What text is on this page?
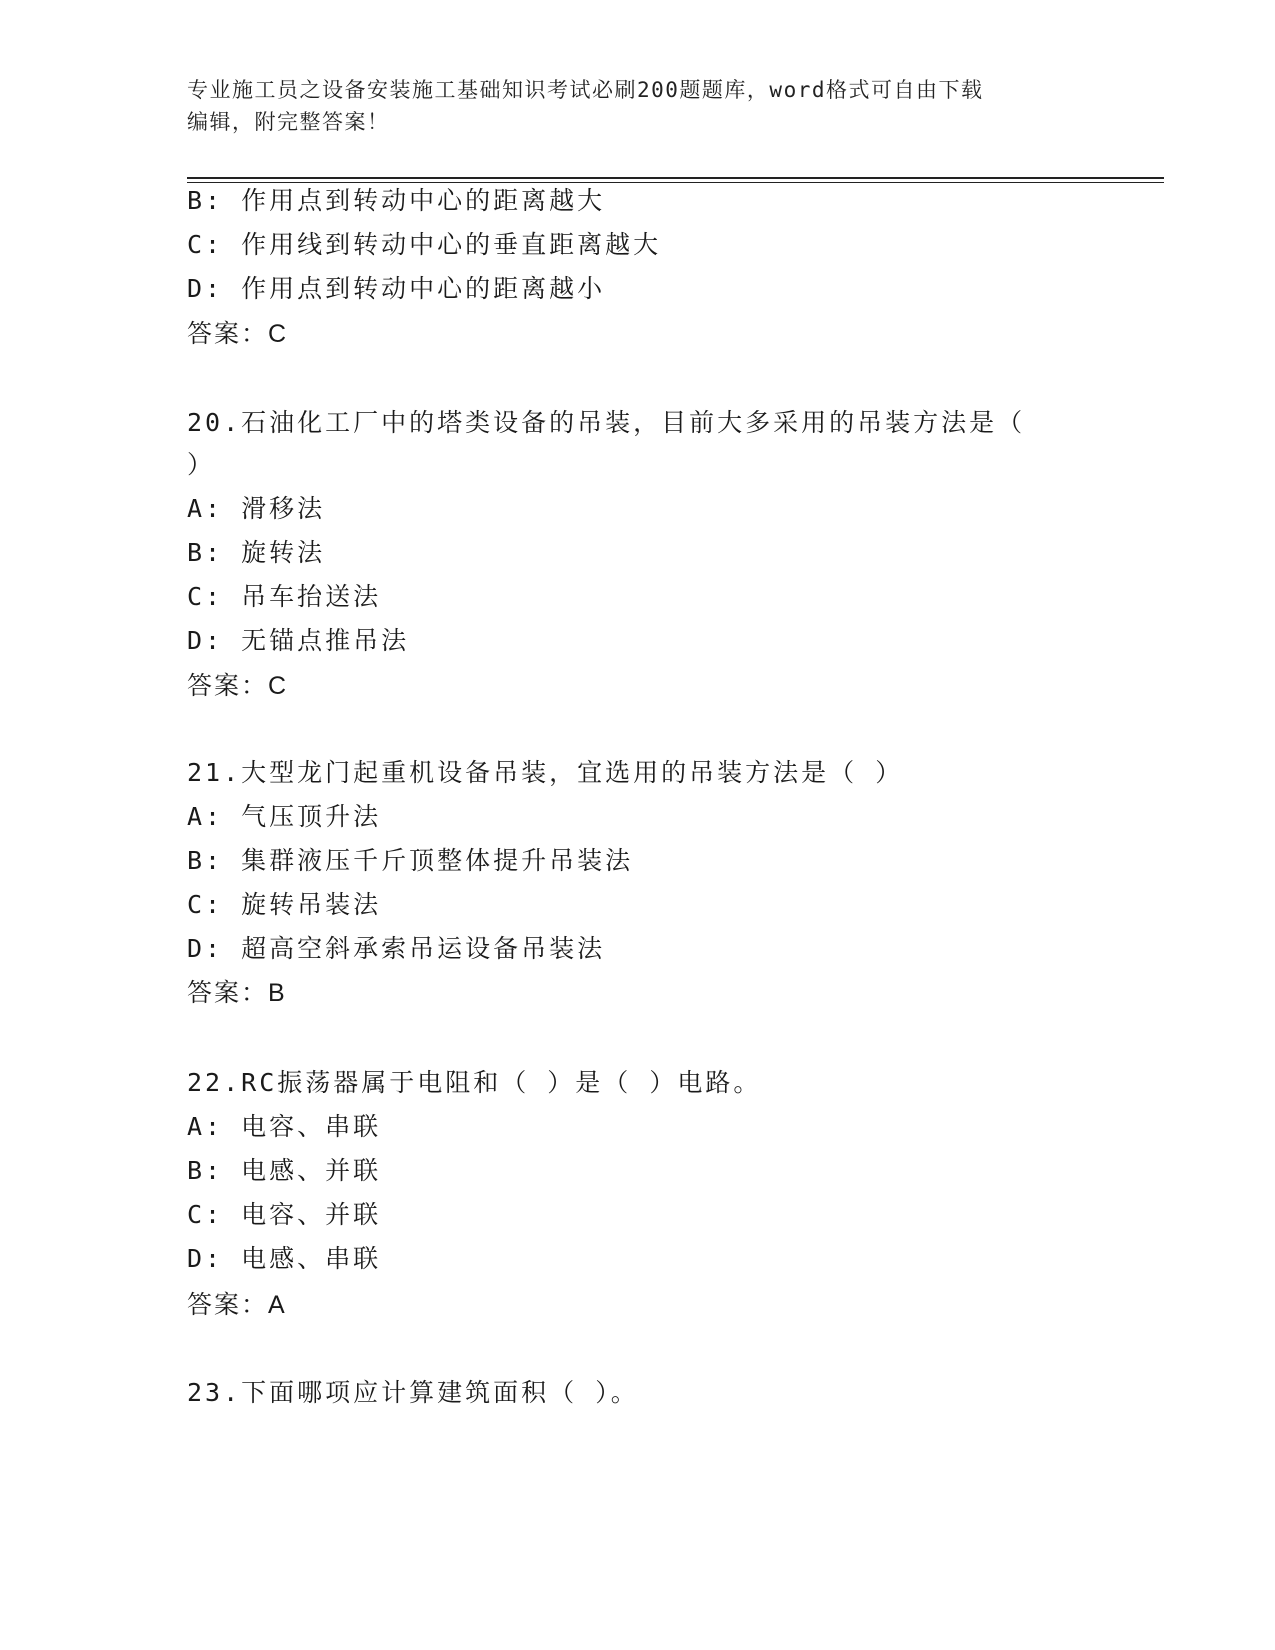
专业施工员之设备安装施工基础知识考试必刷200题题库，word格式可自由下载
编辑，附完整答案！
B: 作用点到转动中心的距离越大
C: 作用线到转动中心的垂直距离越大
D: 作用点到转动中心的距离越小
答案：C
20.石油化工厂中的塔类设备的吊装，目前大多采用的吊装方法是（
）
A: 滑移法
B: 旋转法
C: 吊车抬送法
D: 无锚点推吊法
答案：C
21.大型龙门起重机设备吊装，宜选用的吊装方法是（ ）
A: 气压顶升法
B: 集群液压千斤顶整体提升吊装法
C: 旋转吊装法
D: 超高空斜承索吊运设备吊装法
答案：B
22.RC振荡器属于电阻和（ ）是（ ）电路。
A: 电容、串联
B: 电感、并联
C: 电容、并联
D: 电感、串联
答案：A
23.下面哪项应计算建筑面积（ ）。
